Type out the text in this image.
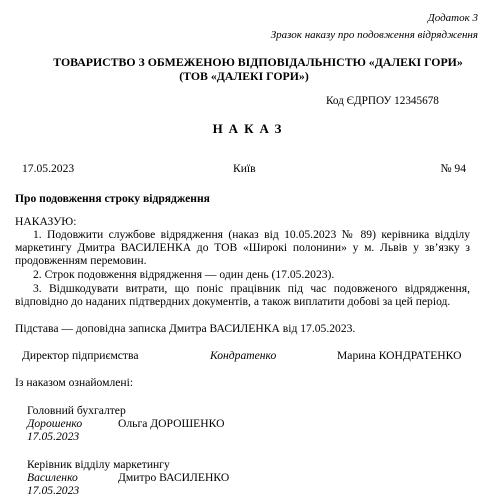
Додаток 3
Зразок наказу про подовження відрядження
ТОВАРИСТВО З ОБМЕЖЕНОЮ ВІДПОВІДАЛЬНІСТЮ «ДАЛЕКІ ГОРИ»
(ТОВ «ДАЛЕКІ ГОРИ»)
Код ЄДРПОУ 12345678
НАКАЗ
17.05.2023	Київ	№ 94
Про подовження строку відрядження
НАКАЗУЮ:
1. Подовжити службове відрядження (наказ від 10.05.2023 № 89) керівника відділу маркетингу Дмитра ВАСИЛЕНКА до ТОВ «Широкі полонини» у м. Львів у зв’язку з продовженням перемовин.
2. Строк подовження відрядження — один день (17.05.2023).
3. Відшкодувати витрати, що поніс працівник під час подовженого відрядження, відповідно до наданих підтвердних документів, а також виплатити добові за цей період.
Підстава — доповідна записка Дмитра ВАСИЛЕНКА від 17.05.2023.
Директор підприємства	Кондратенко	Марина КОНДРАТЕНКО
Із наказом ознайомлені:
Головний бухгалтер
Дорошенко	Ольга ДОРОШЕНКО
17.05.2023
Керівник відділу маркетингу
Василенко	Дмитро ВАСИЛЕНКО
17.05.2023
